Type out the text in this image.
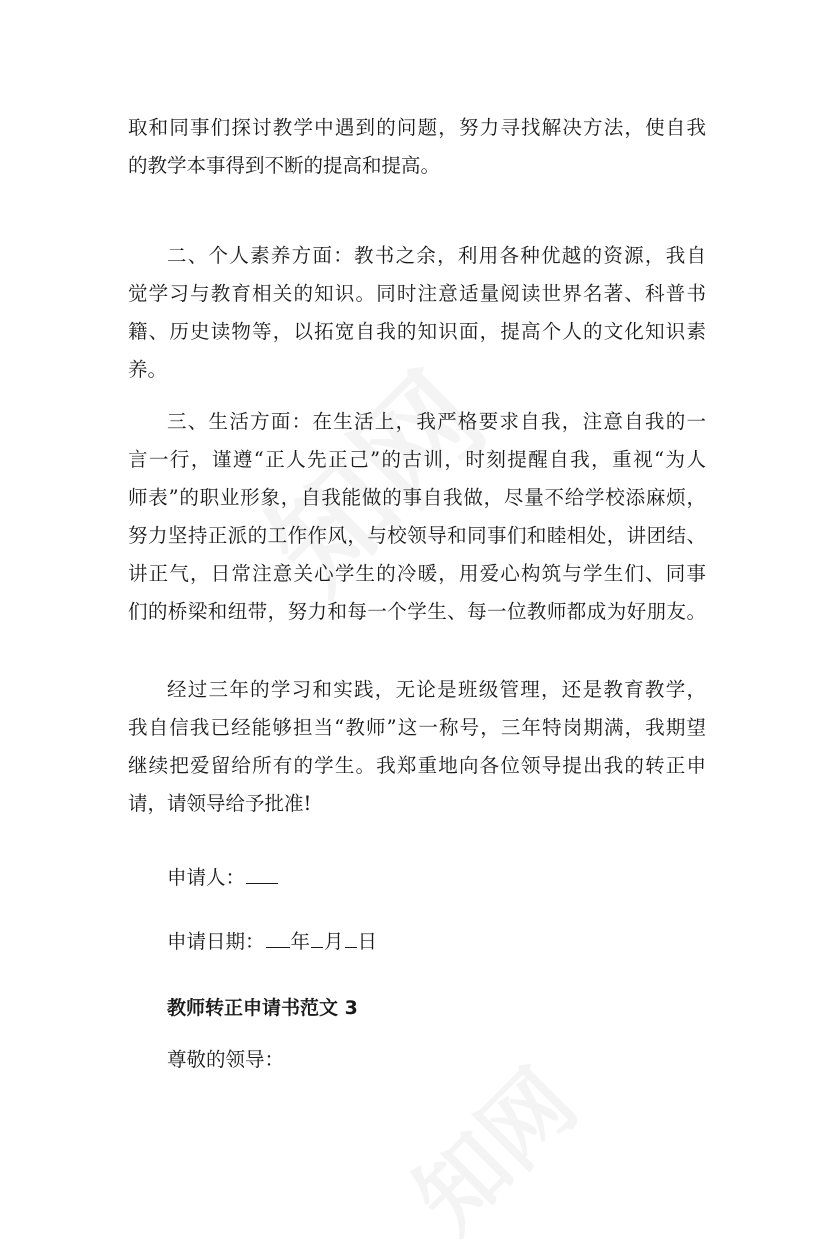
取和同事们探讨教学中遇到的问题，努力寻找解决方法，使自我
的教学本事得到不断的提高和提高。
二、个人素养方面：教书之余，利用各种优越的资源，我自
觉学习与教育相关的知识。同时注意适量阅读世界名著、科普书
籍、历史读物等，以拓宽自我的知识面，提高个人的文化知识素
养。
三、生活方面：在生活上，我严格要求自我，注意自我的一
言一行，谨遵“正人先正己”的古训，时刻提醒自我，重视“为人
师表”的职业形象，自我能做的事自我做，尽量不给学校添麻烦，
努力坚持正派的工作作风，与校领导和同事们和睦相处，讲团结、
讲正气，日常注意关心学生的冷暖，用爱心构筑与学生们、同事
们的桥梁和纽带，努力和每一个学生、每一位教师都成为好朋友。
经过三年的学习和实践，无论是班级管理，还是教育教学，
我自信我已经能够担当“教师”这一称号，三年特岗期满，我期望
继续把爱留给所有的学生。我郑重地向各位领导提出我的转正申
请，请领导给予批准!
申请人：
申请日期： 年 月 日
教师转正申请书范文 3
尊敬的领导：
